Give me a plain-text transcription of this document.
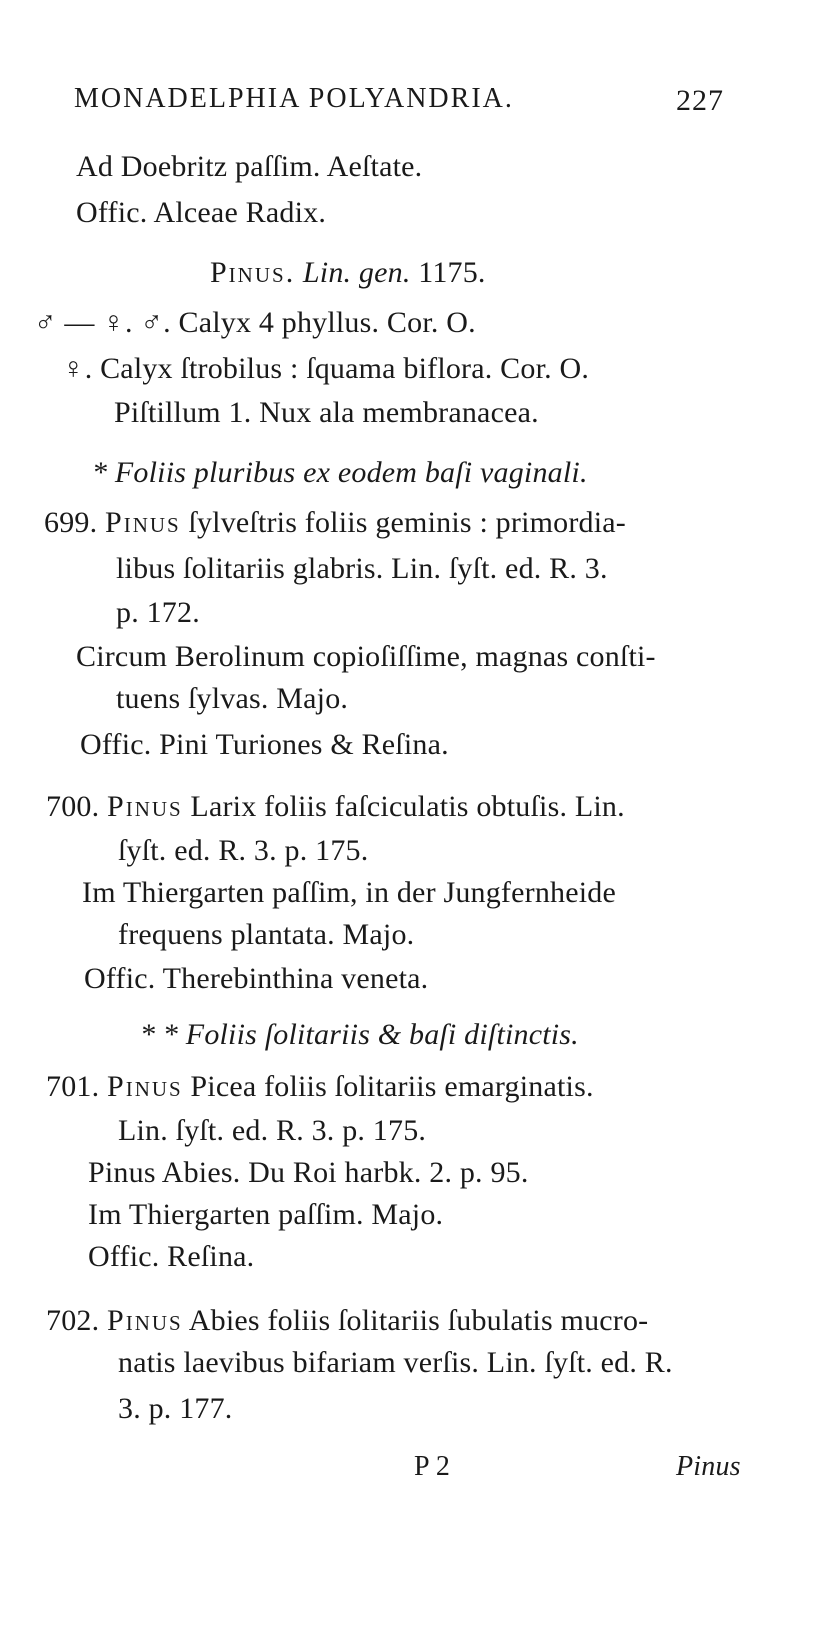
MONADELPHIA POLYANDRIA.	227
Ad Doebritz paſſim. Aeſtate.
Offic. Alceae Radix.
Pinus. Lin. gen. 1175.
♂ — ♀. ♂. Calyx 4 phyllus. Cor. O.
♀. Calyx ſtrobilus : ſquama biflora. Cor. O.
Piſtillum 1. Nux ala membranacea.
* Foliis pluribus ex eodem baſi vaginali.
699. Pinus ſylveſtris foliis geminis : primordia-
libus ſolitariis glabris. Lin. ſyſt. ed. R. 3.
p. 172.
Circum Berolinum copioſiſſime, magnas conſti-
tuens ſylvas. Majo.
Offic. Pini Turiones & Reſina.
700. Pinus Larix foliis faſciculatis obtuſis. Lin.
ſyſt. ed. R. 3. p. 175.
Im Thiergarten paſſim, in der Jungfernheide
frequens plantata. Majo.
Offic. Therebinthina veneta.
* * Foliis ſolitariis & baſi diſtinctis.
701. Pinus Picea foliis ſolitariis emarginatis.
Lin. ſyſt. ed. R. 3. p. 175.
Pinus Abies. Du Roi harbk. 2. p. 95.
Im Thiergarten paſſim. Majo.
Offic. Reſina.
702. Pinus Abies foliis ſolitariis ſubulatis mucro-
natis laevibus bifariam verſis. Lin. ſyſt. ed. R.
3. p. 177.
P 2	Pinus
